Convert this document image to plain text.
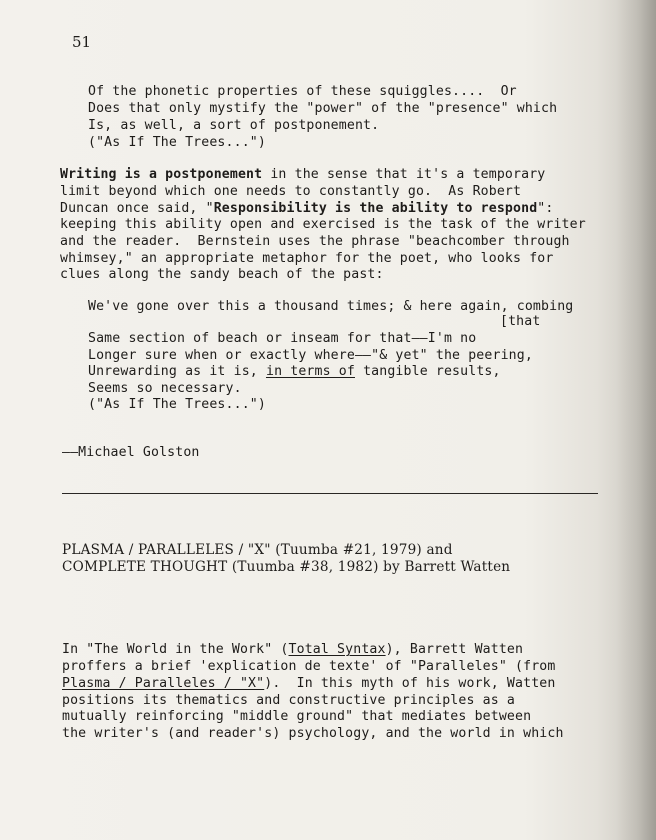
51
Of the phonetic properties of these squiggles....  Or
Does that only mystify the "power" of the "presence" which
Is, as well, a sort of postponement.
("As If The Trees...")
Writing is a postponement in the sense that it's a temporary
limit beyond which one needs to constantly go.  As Robert
Duncan once said, "Responsibility is the ability to respond":
keeping this ability open and exercised is the task of the writer
and the reader.  Bernstein uses the phrase "beachcomber through
whimsey," an appropriate metaphor for the poet, who looks for
clues along the sandy beach of the past:
We've gone over this a thousand times; & here again, combing
[that
Same section of beach or inseam for that——I'm no
Longer sure when or exactly where——"& yet" the peering,
Unrewarding as it is, in terms of tangible results,
Seems so necessary.
("As If The Trees...")
——Michael Golston
PLASMA / PARALLELES / "X" (Tuumba #21, 1979) and
COMPLETE THOUGHT (Tuumba #38, 1982) by Barrett Watten
In "The World in the Work" (Total Syntax), Barrett Watten
proffers a brief 'explication de texte' of "Paralleles" (from
Plasma / Paralleles / "X").  In this myth of his work, Watten
positions its thematics and constructive principles as a
mutually reinforcing "middle ground" that mediates between
the writer's (and reader's) psychology, and the world in which
